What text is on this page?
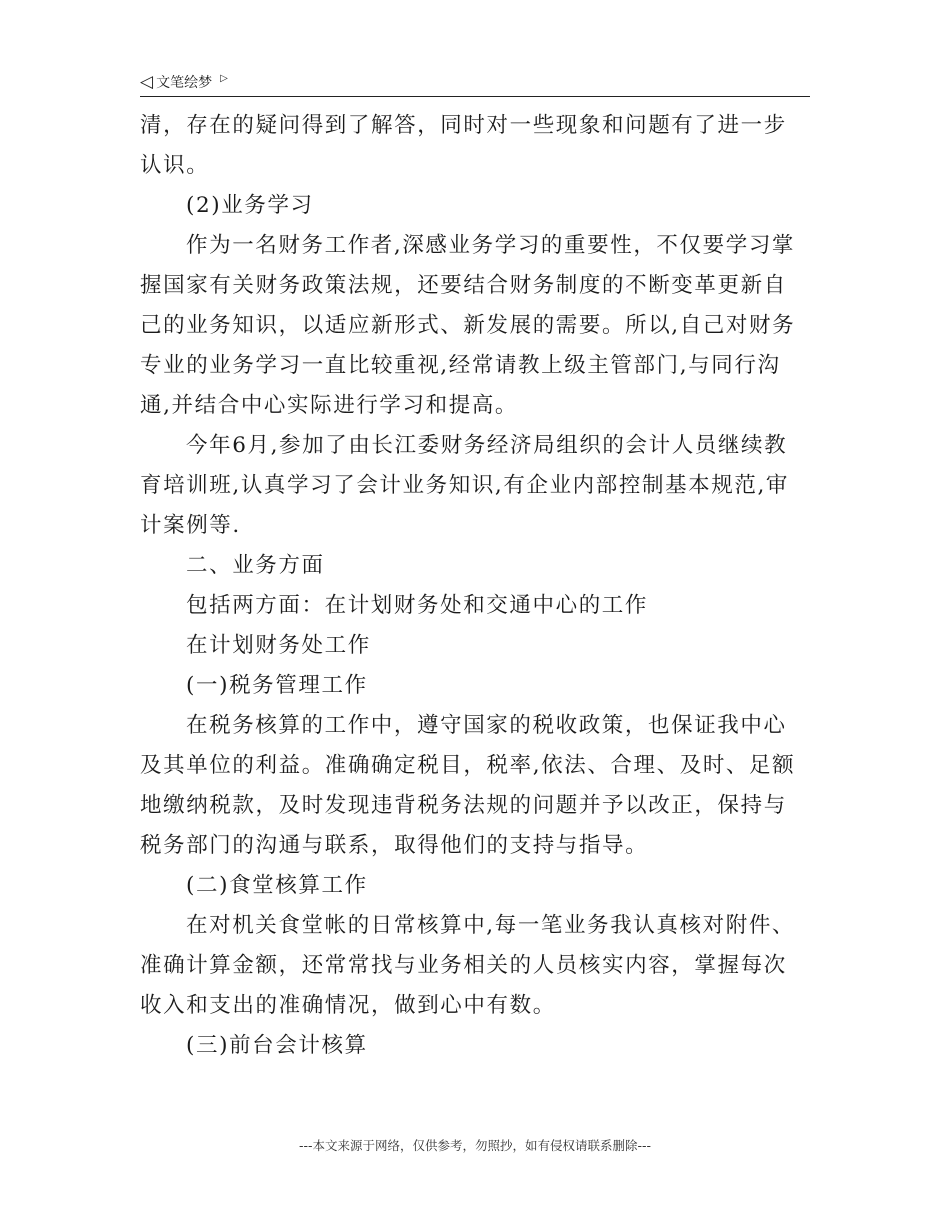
◁ 文笔绘梦 ▷
清，存在的疑问得到了解答，同时对一些现象和问题有了进一步
认识。
(2)业务学习
作为一名财务工作者,深感业务学习的重要性，不仅要学习掌
握国家有关财务政策法规，还要结合财务制度的不断变革更新自
己的业务知识，以适应新形式、新发展的需要。所以,自己对财务
专业的业务学习一直比较重视,经常请教上级主管部门,与同行沟
通,并结合中心实际进行学习和提高。
今年6月,参加了由长江委财务经济局组织的会计人员继续教
育培训班,认真学习了会计业务知识,有企业内部控制基本规范,审
计案例等.
二、业务方面
包括两方面：在计划财务处和交通中心的工作
在计划财务处工作
(一)税务管理工作
在税务核算的工作中，遵守国家的税收政策，也保证我中心
及其单位的利益。准确确定税目，税率,依法、合理、及时、足额
地缴纳税款，及时发现违背税务法规的问题并予以改正，保持与
税务部门的沟通与联系，取得他们的支持与指导。
(二)食堂核算工作
在对机关食堂帐的日常核算中,每一笔业务我认真核对附件、
准确计算金额，还常常找与业务相关的人员核实内容，掌握每次
收入和支出的准确情况，做到心中有数。
(三)前台会计核算
---本文来源于网络，仅供参考，勿照抄，如有侵权请联系删除---
